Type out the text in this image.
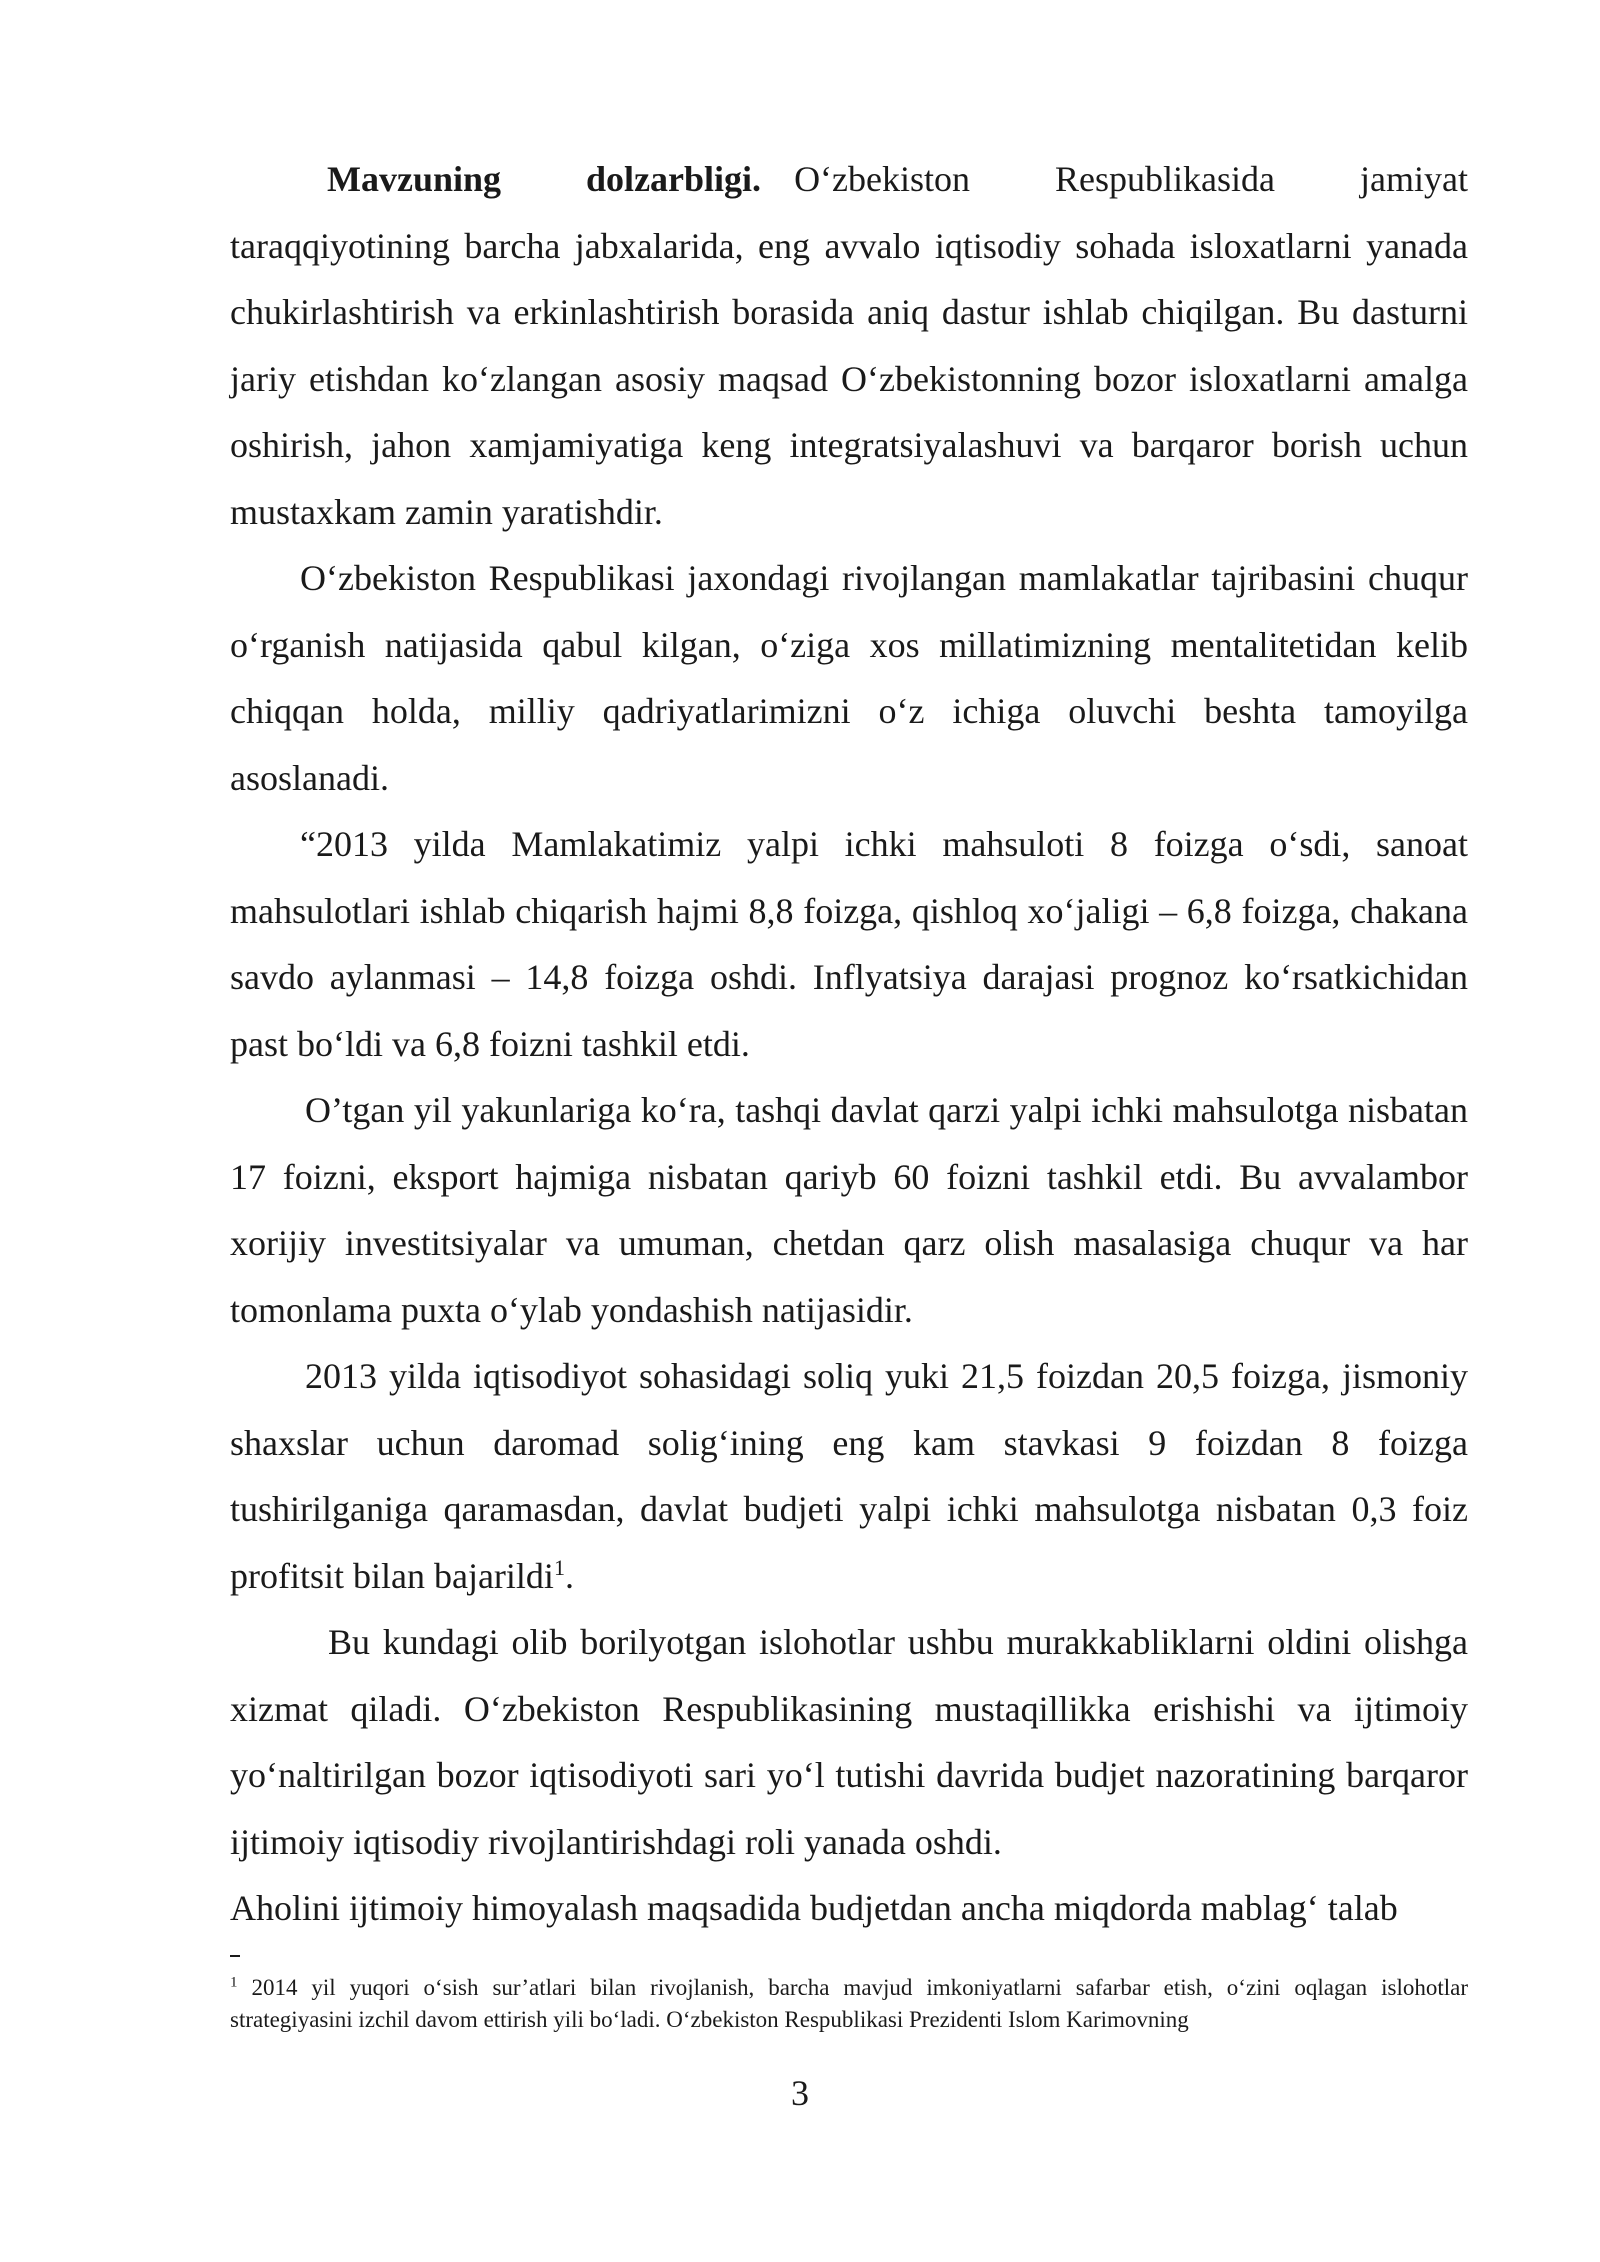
Mavzuning dolzarbligi. O‘zbekiston Respublikasida jamiyat taraqqiyotining barcha jabxalarida, eng avvalo iqtisodiy sohada isloxatlarni yanada chukirlashtirish va erkinlashtirish borasida aniq dastur ishlab chiqilgan. Bu dasturni jariy etishdan ko‘zlangan asosiy maqsad O‘zbekistonning bozor isloxatlarni amalga oshirish, jahon xamjamiyatiga keng integratsiyalashuvi va barqaror borish uchun mustaxkam zamin yaratishdir.

O‘zbekiston Respublikasi jaxondagi rivojlangan mamlakatlar tajribasini chuqur o‘rganish natijasida qabul kilgan, o‘ziga xos millatimizning mentalitetidan kelib chiqqan holda, milliy qadriyatlarimizni o‘z ichiga oluvchi beshta tamoyilga asoslanadi.

“2013 yilda Mamlakatimiz yalpi ichki mahsuloti 8 foizga o‘sdi, sanoat mahsulotlari ishlab chiqarish hajmi 8,8 foizga, qishloq xo‘jaligi – 6,8 foizga, chakana savdo aylanmasi – 14,8 foizga oshdi. Inflyatsiya darajasi prognoz ko‘rsatkichidan past bo‘ldi va 6,8 foizni tashkil etdi.

O’tgan yil yakunlariga ko‘ra, tashqi davlat qarzi yalpi ichki mahsulotga nisbatan 17 foizni, eksport hajmiga nisbatan qariyb 60 foizni tashkil etdi. Bu avvalambor xorijiy investitsiyalar va umuman, chetdan qarz olish masalasiga chuqur va har tomonlama puxta o‘ylab yondashish natijasidir.

2013 yilda iqtisodiyot sohasidagi soliq yuki 21,5 foizdan 20,5 foizga, jismoniy shaxslar uchun daromad solig‘ining eng kam stavkasi 9 foizdan 8 foizga tushirilganiga qaramasdan, davlat budjeti yalpi ichki mahsulotga nisbatan 0,3 foiz profitsit bilan bajarildi$^1$.

Bu kundagi olib borilyotgan islohotlar ushbu murakkabliklarni oldini olishga xizmat qiladi. O‘zbekiston Respublikasining mustaqillikka erishishi va ijtimoiy yo‘naltirilgan bozor iqtisodiyoti sari yo‘l tutishi davrida budjet nazoratining barqaror ijtimoiy iqtisodiy rivojlantirishdagi roli yanada oshdi.

Aholini ijtimoiy himoyalash maqsadida budjetdan ancha miqdorda mablag‘ talab

$^1$ 2014 yil yuqori o‘sish sur’atlari bilan rivojlanish, barcha mavjud imkoniyatlarni safarbar etish, o‘zini oqlagan islohotlar strategiyasini izchil davom ettirish yili bo‘ladi. O‘zbekiston Respublikasi Prezidenti Islom Karimovning
3
